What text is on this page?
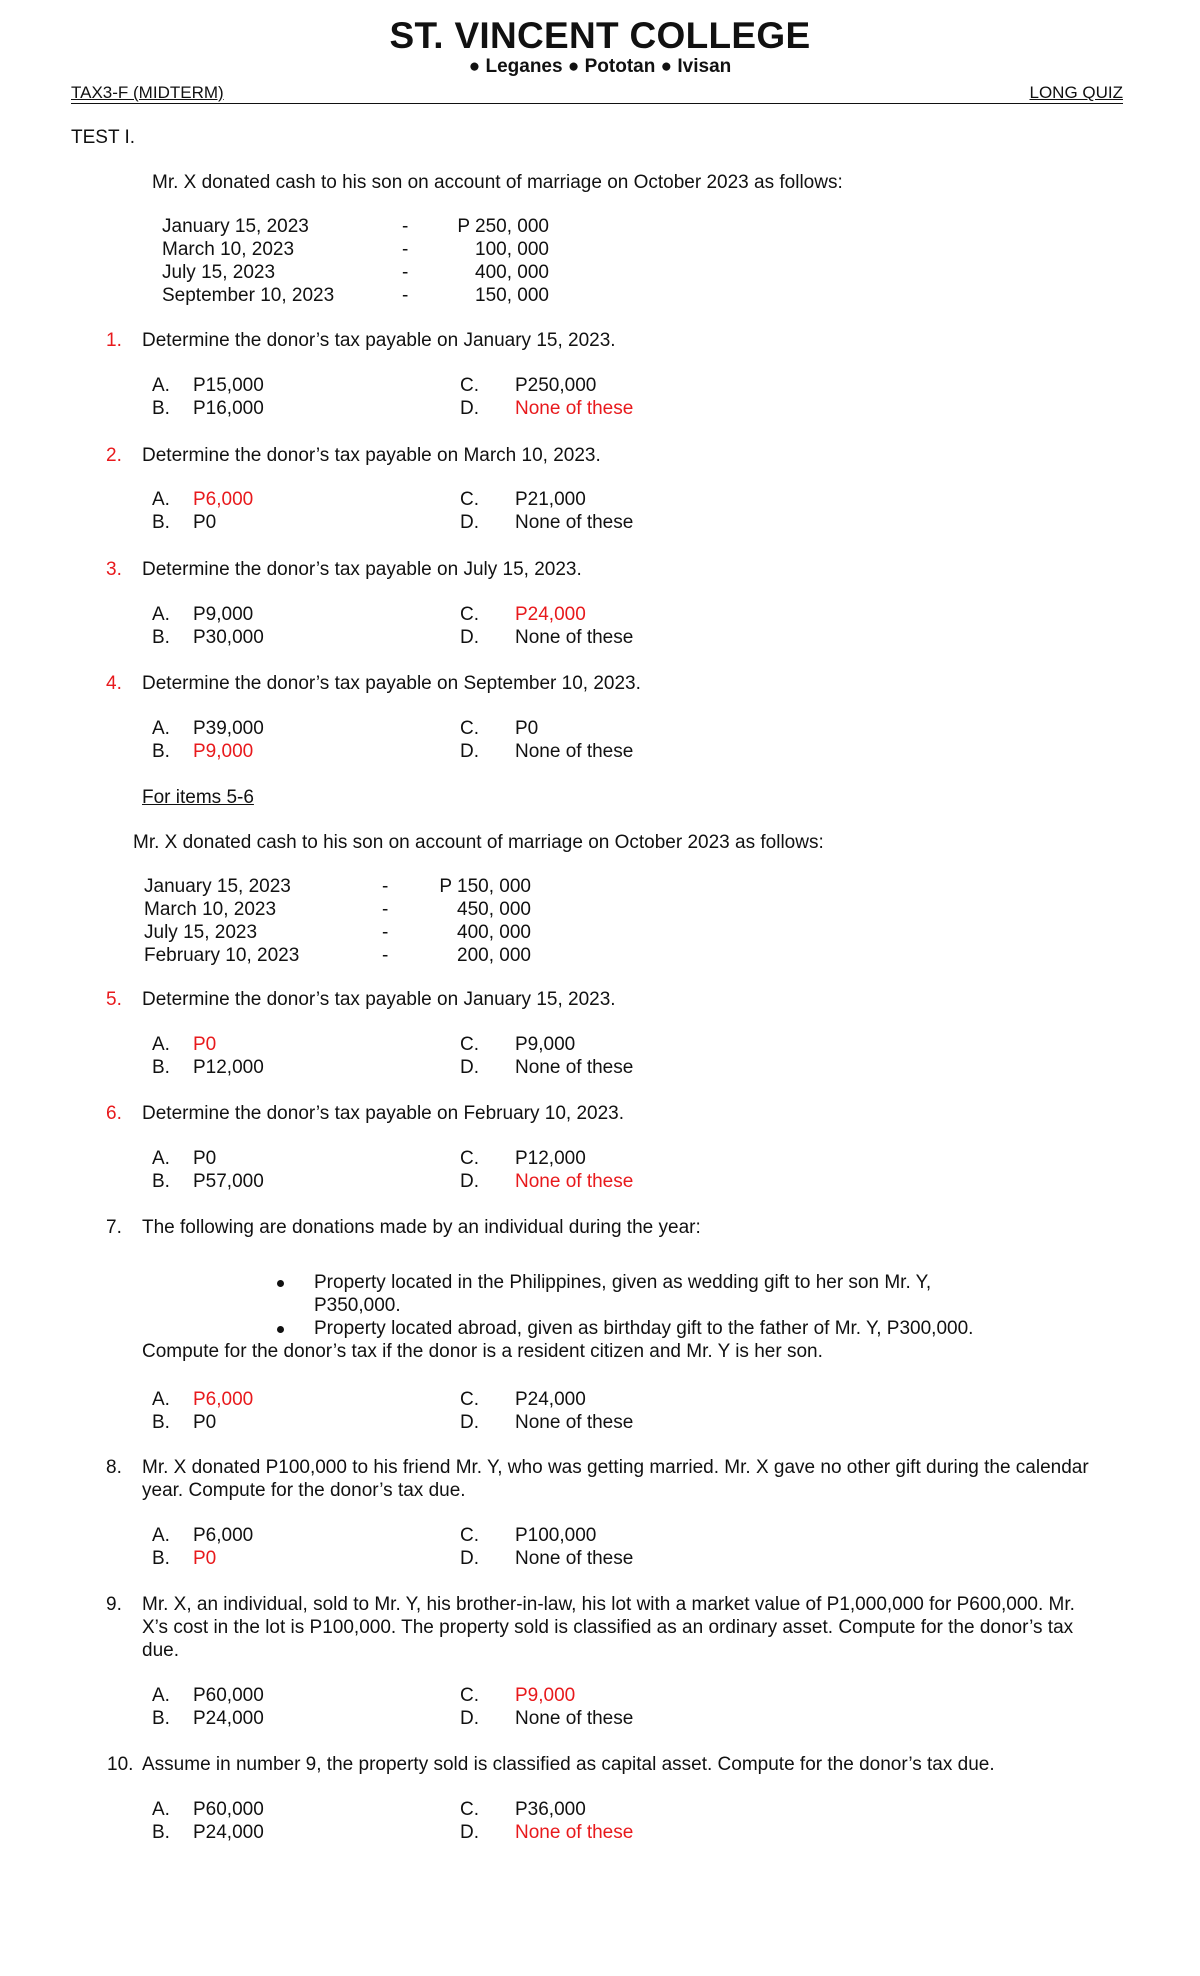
ST. VINCENT COLLEGE
● Leganes ● Pototan ● Ivisan
TAX3-F (MIDTERM)	LONG QUIZ
TEST I.
Mr. X donated cash to his son on account of marriage on October 2023 as follows:
January 15, 2023	-	P 250, 000
March 10, 2023	-	100, 000
July 15, 2023	-	400, 000
September 10, 2023	-	150, 000
For items 5-6
Mr. X donated cash to his son on account of marriage on October 2023 as follows:
January 15, 2023	-	P 150, 000
March 10, 2023	-	450, 000
July 15, 2023	-	400, 000
February 10, 2023	-	200, 000
1. Determine the donor’s tax payable on January 15, 2023.
A. P15,000
B. P16,000
C. P250,000
D. None of these
2. Determine the donor’s tax payable on March 10, 2023.
A. P6,000
B. P0
C. P21,000
D. None of these
3. Determine the donor’s tax payable on July 15, 2023.
A. P9,000
B. P30,000
C. P24,000
D. None of these
4. Determine the donor’s tax payable on September 10, 2023.
A. P39,000
B. P9,000
C. P0
D. None of these
5. Determine the donor’s tax payable on January 15, 2023.
A. P0
B. P12,000
C. P9,000
D. None of these
6. Determine the donor’s tax payable on February 10, 2023.
A. P0
B. P57,000
C. P12,000
D. None of these
7. The following are donations made by an individual during the year:
Property located in the Philippines, given as wedding gift to her son Mr. Y,
P350,000.
Property located abroad, given as birthday gift to the father of Mr. Y, P300,000.
Compute for the donor’s tax if the donor is a resident citizen and Mr. Y is her son.
A. P6,000
B. P0
C. P24,000
D. None of these
8. Mr. X donated P100,000 to his friend Mr. Y, who was getting married. Mr. X gave no other gift during the calendar
year. Compute for the donor’s tax due.
A. P6,000
B. P0
C. P100,000
D. None of these
9. Mr. X, an individual, sold to Mr. Y, his brother-in-law, his lot with a market value of P1,000,000 for P600,000. Mr.
X’s cost in the lot is P100,000. The property sold is classified as an ordinary asset. Compute for the donor’s tax
due.
A. P60,000
B. P24,000
C. P9,000
D. None of these
10. Assume in number 9, the property sold is classified as capital asset. Compute for the donor’s tax due.
A. P60,000
B. P24,000
C. P36,000
D. None of these
